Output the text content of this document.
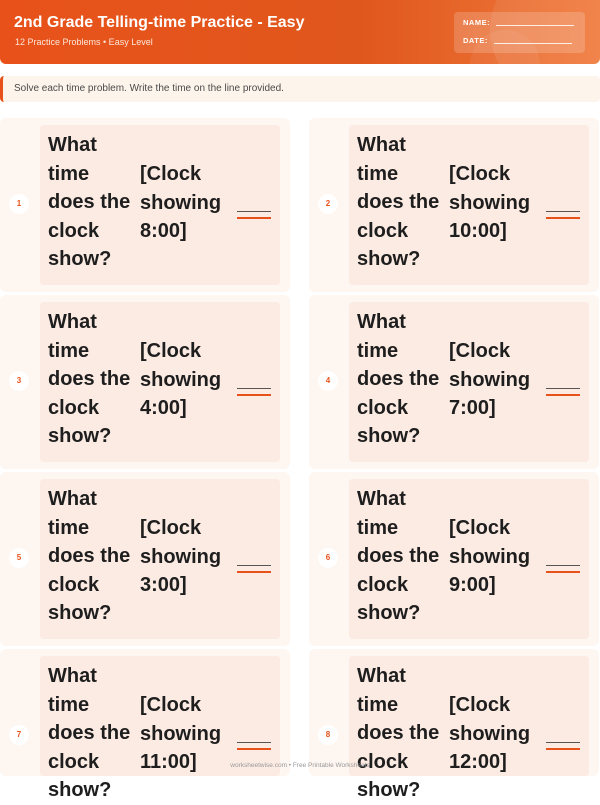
2nd Grade Telling-time Practice - Easy
12 Practice Problems • Easy Level
NAME:
DATE:
Solve each time problem. Write the time on the line provided.
1
What time does the clock show?
[Clock showing 8:00]
2
What time does the clock show?
[Clock showing 10:00]
3
What time does the clock show?
[Clock showing 4:00]
4
What time does the clock show?
[Clock showing 7:00]
5
What time does the clock show?
[Clock showing 3:00]
6
What time does the clock show?
[Clock showing 9:00]
7
What time does the clock show?
[Clock showing 11:00]
8
What time does the clock show?
[Clock showing 12:00]
worksheetwise.com • Free Printable Worksheets
